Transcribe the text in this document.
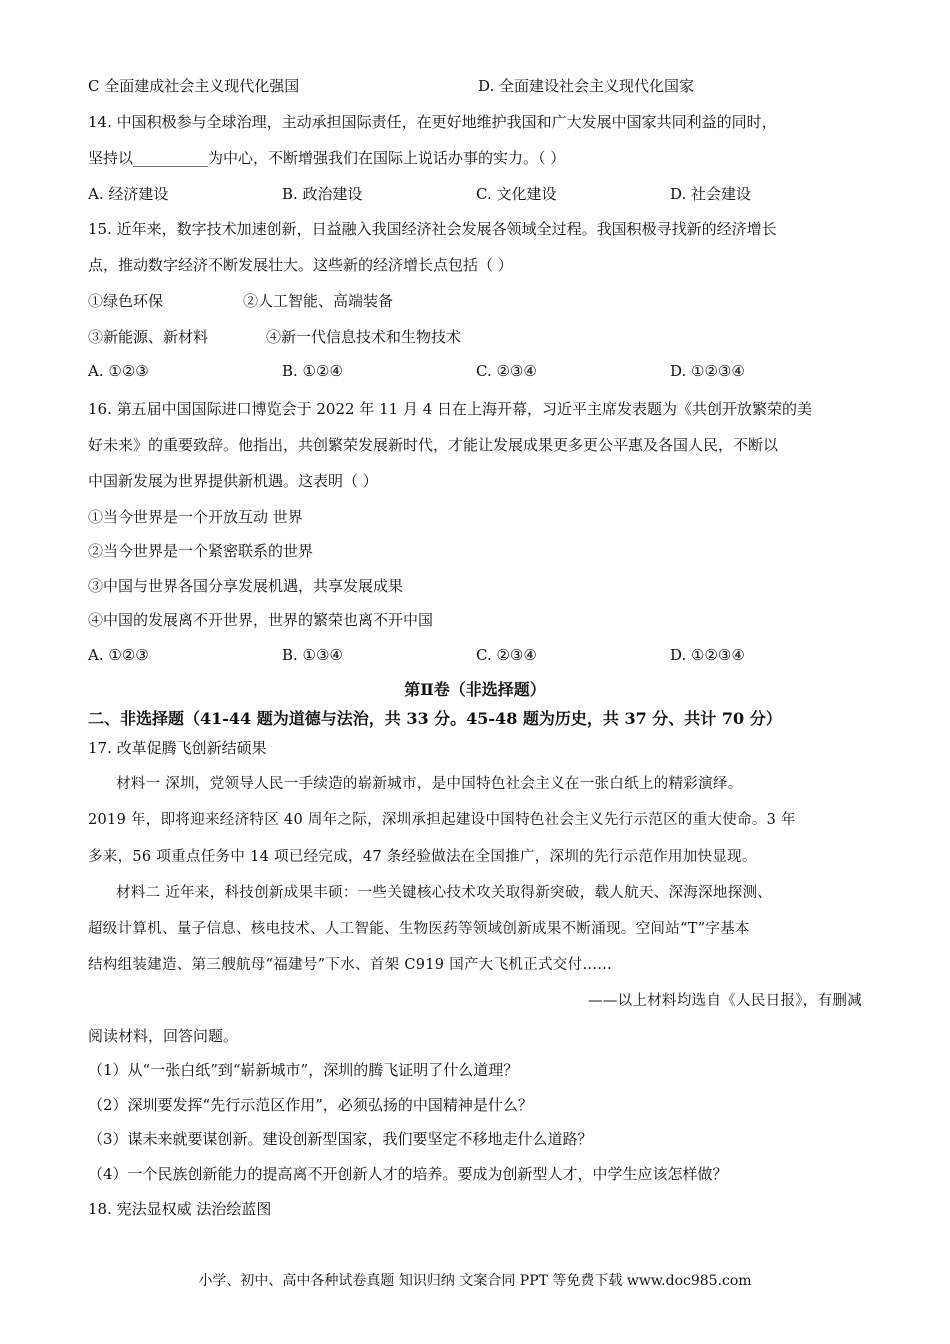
C 全面建成社会主义现代化强国	D. 全面建设社会主义现代化国家
14. 中国积极参与全球治理，主动承担国际责任，在更好地维护我国和广大发展中国家共同利益的同时，
坚持以__________为中心，不断增强我们在国际上说话办事的实力。（ ）
A. 经济建设	B. 政治建设	C. 文化建设	D. 社会建设
15. 近年来，数字技术加速创新，日益融入我国经济社会发展各领域全过程。我国积极寻找新的经济增长
点，推动数字经济不断发展壮大。这些新的经济增长点包括（ ）
①绿色环保	②人工智能、高端装备
③新能源、新材料	④新一代信息技术和生物技术
A. ①②③	B. ①②④	C. ②③④	D. ①②③④
16. 第五届中国国际进口博览会于 2022 年 11 月 4 日在上海开幕，习近平主席发表题为《共创开放繁荣的美
好未来》的重要致辞。他指出，共创繁荣发展新时代，才能让发展成果更多更公平惠及各国人民，不断以
中国新发展为世界提供新机遇。这表明（ ）
①当今世界是一个开放互动 世界
②当今世界是一个紧密联系的世界
③中国与世界各国分享发展机遇，共享发展成果
④中国的发展离不开世界，世界的繁荣也离不开中国
A. ①②③	B. ①③④	C. ②③④	D. ①②③④
第Ⅱ卷（非选择题）
二、非选择题（41-44 题为道德与法治，共 33 分。45-48 题为历史，共 37 分、共计 70 分）
17. 改革促腾飞创新结硕果
材料一 深圳，党领导人民一手续造的崭新城市，是中国特色社会主义在一张白纸上的精彩演绎。
2019 年，即将迎来经济特区 40 周年之际，深圳承担起建设中国特色社会主义先行示范区的重大使命。3 年
多来，56 项重点任务中 14 项已经完成，47 条经验做法在全国推广，深圳的先行示范作用加快显现。
材料二 近年来，科技创新成果丰硕：一些关键核心技术攻关取得新突破，载人航天、深海深地探测、
超级计算机、量子信息、核电技术、人工智能、生物医药等领域创新成果不断涌现。空间站“T”字基本
结构组装建造、第三艘航母“福建号”下水、首架 C919 国产大飞机正式交付……
——以上材料均选自《人民日报》，有删减
阅读材料，回答问题。
（1）从“一张白纸”到“崭新城市”，深圳的腾飞证明了什么道理？
（2）深圳要发挥“先行示范区作用”，必须弘扬的中国精神是什么？
（3）谋未来就要谋创新。建设创新型国家，我们要坚定不移地走什么道路？
（4）一个民族创新能力的提高离不开创新人才的培养。要成为创新型人才，中学生应该怎样做？
18. 宪法显权威 法治绘蓝图
小学、初中、高中各种试卷真题 知识归纳 文案合同 PPT 等免费下载 www.doc985.com
